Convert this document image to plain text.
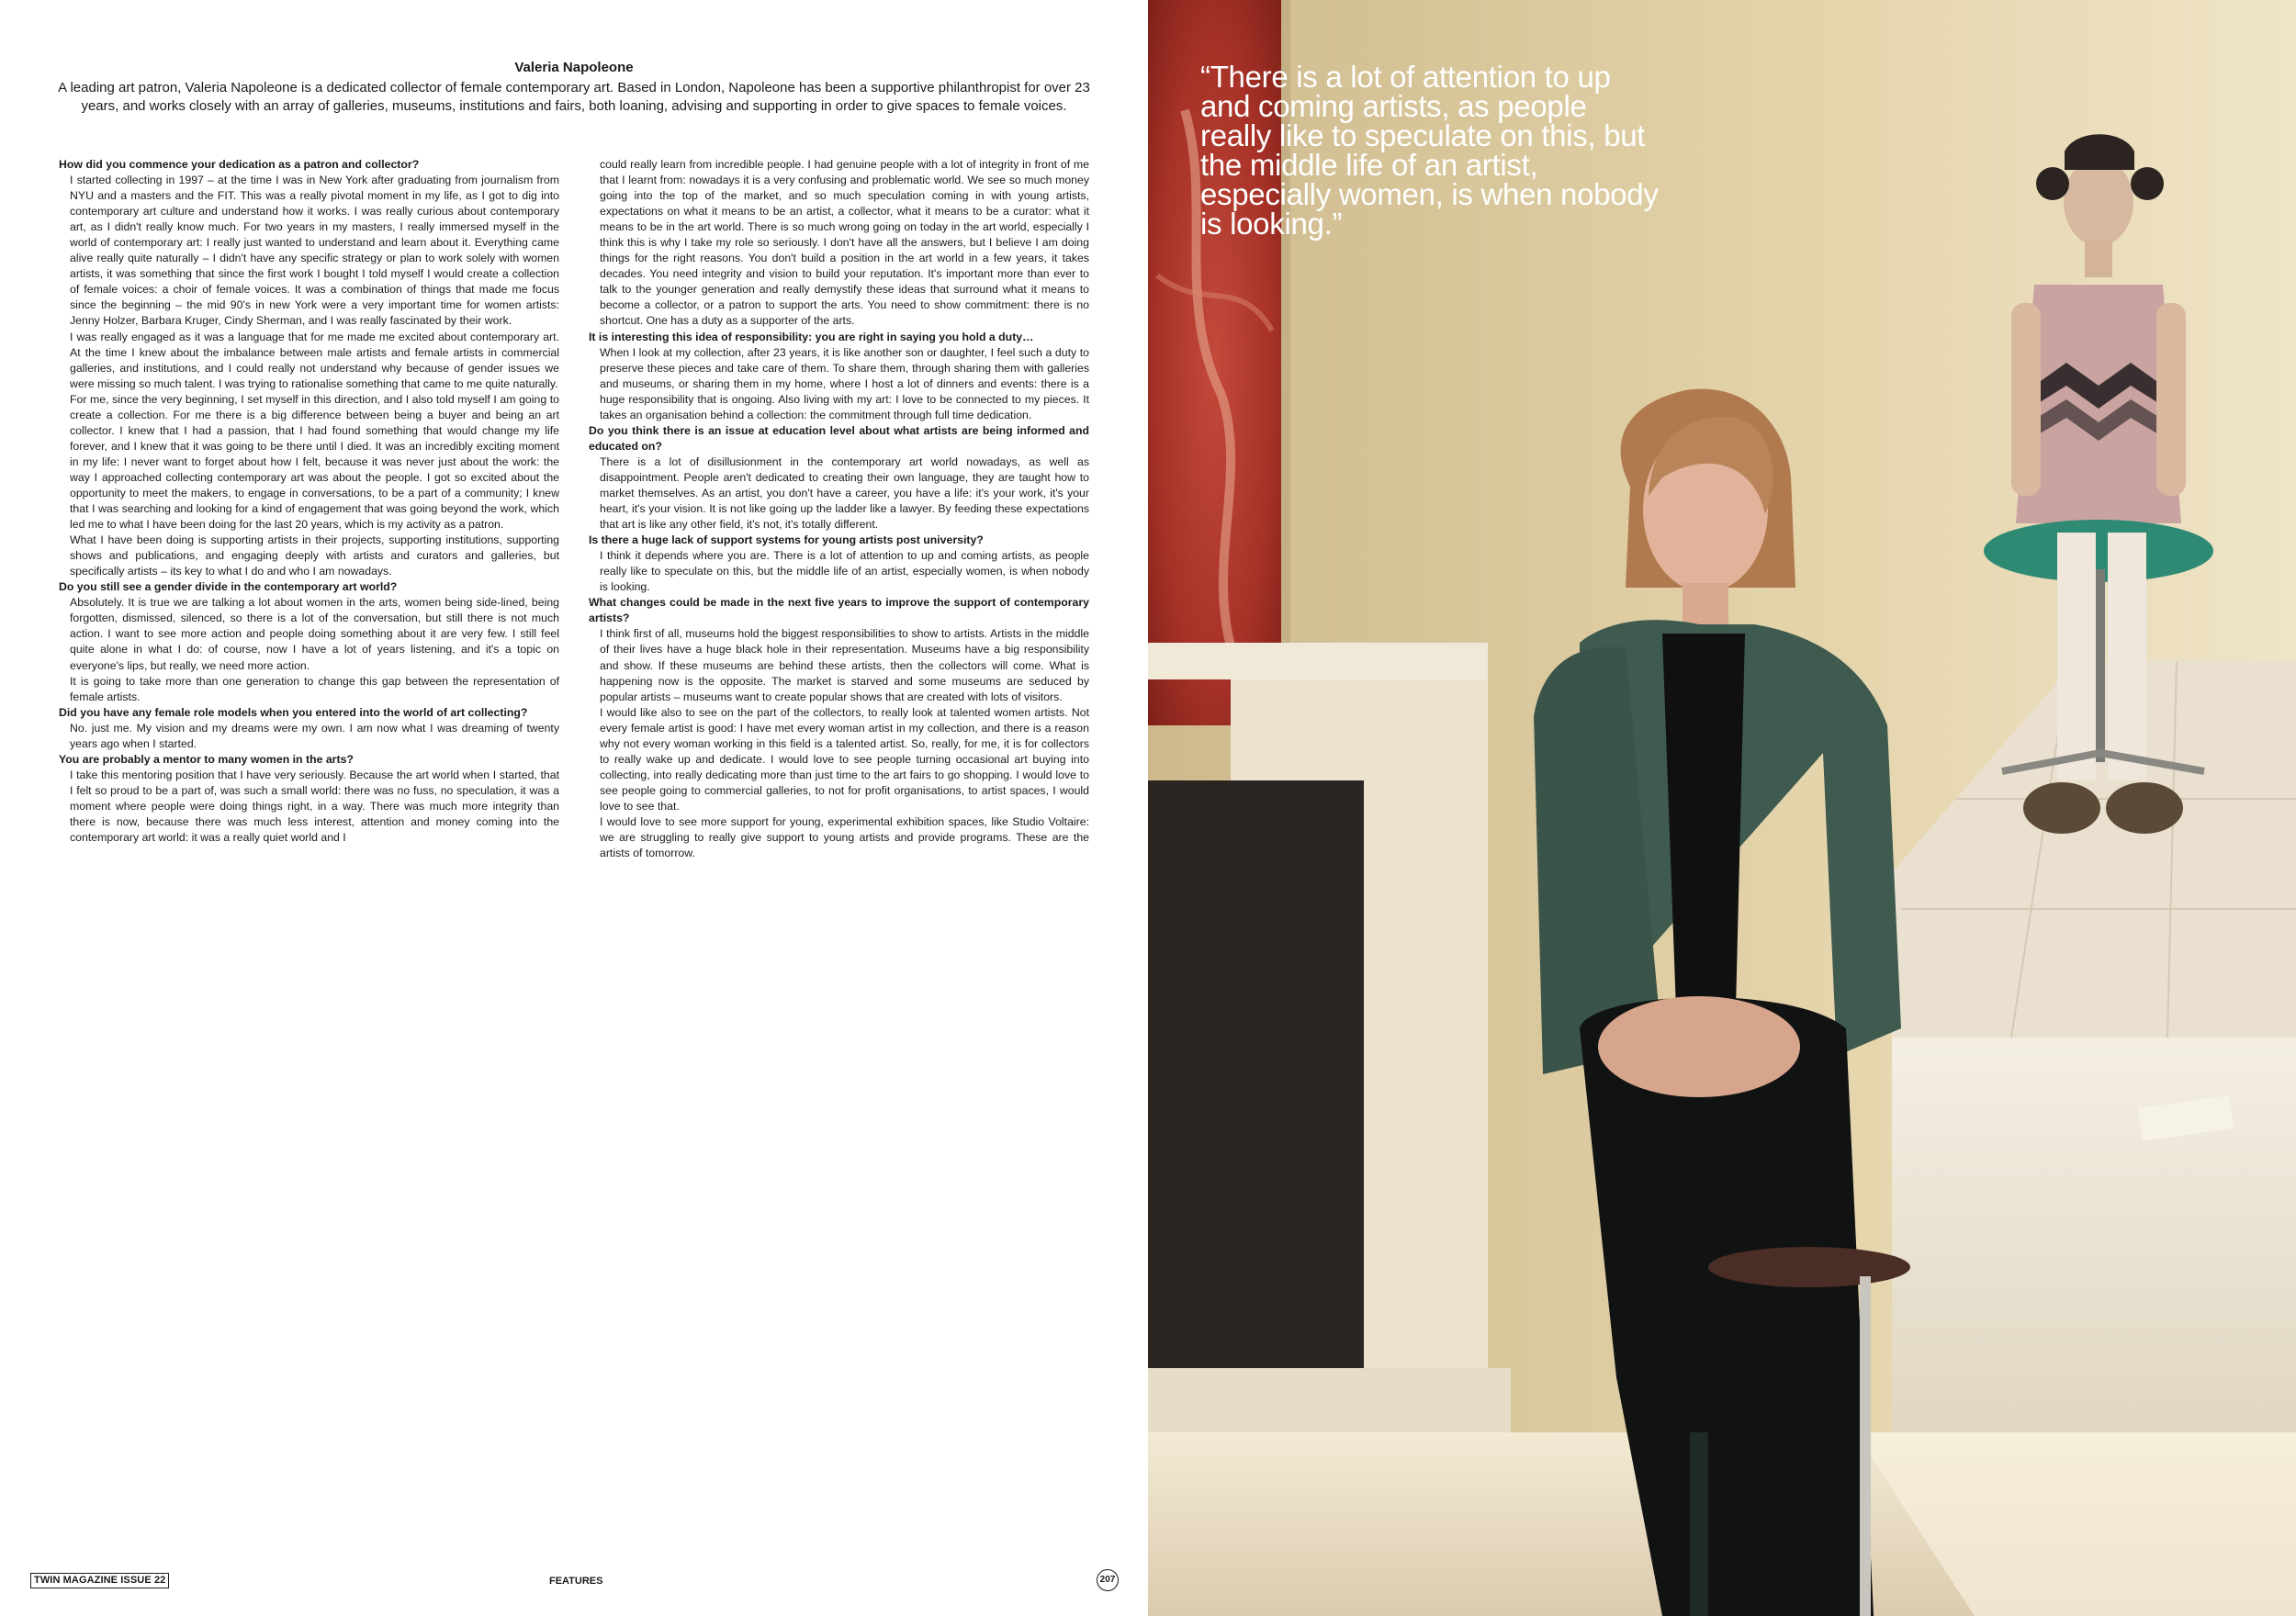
Valeria Napoleone

A leading art patron, Valeria Napoleone is a dedicated collector of female contemporary art. Based in London, Napoleone has been a supportive philanthropist for over 23 years, and works closely with an array of galleries, museums, institutions and fairs, both loaning, advising and supporting in order to give spaces to female voices.

How did you commence your dedication as a patron and collector?

I started collecting in 1997 – at the time I was in New York after graduating from journalism from NYU and a masters and the FIT. This was a really pivotal moment in my life, as I got to dig into contemporary art culture and understand how it works. I was really curious about contemporary art, as I didn't really know much. For two years in my masters, I really immersed myself in the world of contemporary art: I really just wanted to understand and learn about it. Everything came alive really quite naturally – I didn't have any specific strategy or plan to work solely with women artists, it was something that since the first work I bought I told myself I would create a collection of female voices: a choir of female voices. It was a combination of things that made me focus since the beginning – the mid 90's in new York were a very important time for women artists: Jenny Holzer, Barbara Kruger, Cindy Sherman, and I was really fascinated by their work.

I was really engaged as it was a language that for me made me excited about contemporary art. At the time I knew about the imbalance between male artists and female artists in commercial galleries, and institutions, and I could really not understand why because of gender issues we were missing so much talent. I was trying to rationalise something that came to me quite naturally.

For me, since the very beginning, I set myself in this direction, and I also told myself I am going to create a collection. For me there is a big difference between being a buyer and being an art collector. I knew that I had a passion, that I had found something that would change my life forever, and I knew that it was going to be there until I died. It was an incredibly exciting moment in my life: I never want to forget about how I felt, because it was never just about the work: the way I approached collecting contemporary art was about the people. I got so excited about the opportunity to meet the makers, to engage in conversations, to be a part of a community; I knew that I was searching and looking for a kind of engagement that was going beyond the work, which led me to what I have been doing for the last 20 years, which is my activity as a patron.

What I have been doing is supporting artists in their projects, supporting institutions, supporting shows and publications, and engaging deeply with artists and curators and galleries, but specifically artists – its key to what I do and who I am nowadays.

Do you still see a gender divide in the contemporary art world?

Absolutely. It is true we are talking a lot about women in the arts, women being side-lined, being forgotten, dismissed, silenced, so there is a lot of the conversation, but still there is not much action. I want to see more action and people doing something about it are very few. I still feel quite alone in what I do: of course, now I have a lot of years listening, and it's a topic on everyone's lips, but really, we need more action.

It is going to take more than one generation to change this gap between the representation of female artists.

Did you have any female role models when you entered into the world of art collecting?

No. just me. My vision and my dreams were my own. I am now what I was dreaming of twenty years ago when I started.

You are probably a mentor to many women in the arts?

I take this mentoring position that I have very seriously. Because the art world when I started, that I felt so proud to be a part of, was such a small world: there was no fuss, no speculation, it was a moment where people were doing things right, in a way. There was much more integrity than there is now, because there was much less interest, attention and money coming into the contemporary art world: it was a really quiet world and I

could really learn from incredible people. I had genuine people with a lot of integrity in front of me that I learnt from: nowadays it is a very confusing and problematic world. We see so much money going into the top of the market, and so much speculation coming in with young artists, expectations on what it means to be an artist, a collector, what it means to be a curator: what it means to be in the art world. There is so much wrong going on today in the art world, especially I think this is why I take my role so seriously. I don't have all the answers, but I believe I am doing things for the right reasons. You don't build a position in the art world in a few years, it takes decades. You need integrity and vision to build your reputation. It's important more than ever to talk to the younger generation and really demystify these ideas that surround what it means to become a collector, or a patron to support the arts. You need to show commitment: there is no shortcut. One has a duty as a supporter of the arts.

It is interesting this idea of responsibility: you are right in saying you hold a duty…

When I look at my collection, after 23 years, it is like another son or daughter, I feel such a duty to preserve these pieces and take care of them. To share them, through sharing them with galleries and museums, or sharing them in my home, where I host a lot of dinners and events: there is a huge responsibility that is ongoing. Also living with my art: I love to be connected to my pieces. It takes an organisation behind a collection: the commitment through full time dedication.

Do you think there is an issue at education level about what artists are being informed and educated on?

There is a lot of disillusionment in the contemporary art world nowadays, as well as disappointment. People aren't dedicated to creating their own language, they are taught how to market themselves. As an artist, you don't have a career, you have a life: it's your work, it's your heart, it's your vision. It is not like going up the ladder like a lawyer. By feeding these expectations that art is like any other field, it's not, it's totally different.

Is there a huge lack of support systems for young artists post university?

I think it depends where you are. There is a lot of attention to up and coming artists, as people really like to speculate on this, but the middle life of an artist, especially women, is when nobody is looking.

What changes could be made in the next five years to improve the support of contemporary artists?

I think first of all, museums hold the biggest responsibilities to show to artists. Artists in the middle of their lives have a huge black hole in their representation. Museums have a big responsibility and show. If these museums are behind these artists, then the collectors will come. What is happening now is the opposite. The market is starved and some museums are seduced by popular artists – museums want to create popular shows that are created with lots of visitors.

I would like also to see on the part of the collectors, to really look at talented women artists. Not every female artist is good: I have met every woman artist in my collection, and there is a reason why not every woman working in this field is a talented artist. So, really, for me, it is for collectors to really wake up and dedicate. I would love to see people turning occasional art buying into collecting, into really dedicating more than just time to the art fairs to go shopping. I would love to see people going to commercial galleries, to not for profit organisations, to artist spaces, I would love to see that.

I would love to see more support for young, experimental exhibition spaces, like Studio Voltaire: we are struggling to really give support to young artists and provide programs. These are the artists of tomorrow.

TWIN MAGAZINE ISSUE 22	FEATURES	207
“There is a lot of attention to up and coming artists, as people really like to speculate on this, but the middle life of an artist, especially women, is when nobody is looking.”
